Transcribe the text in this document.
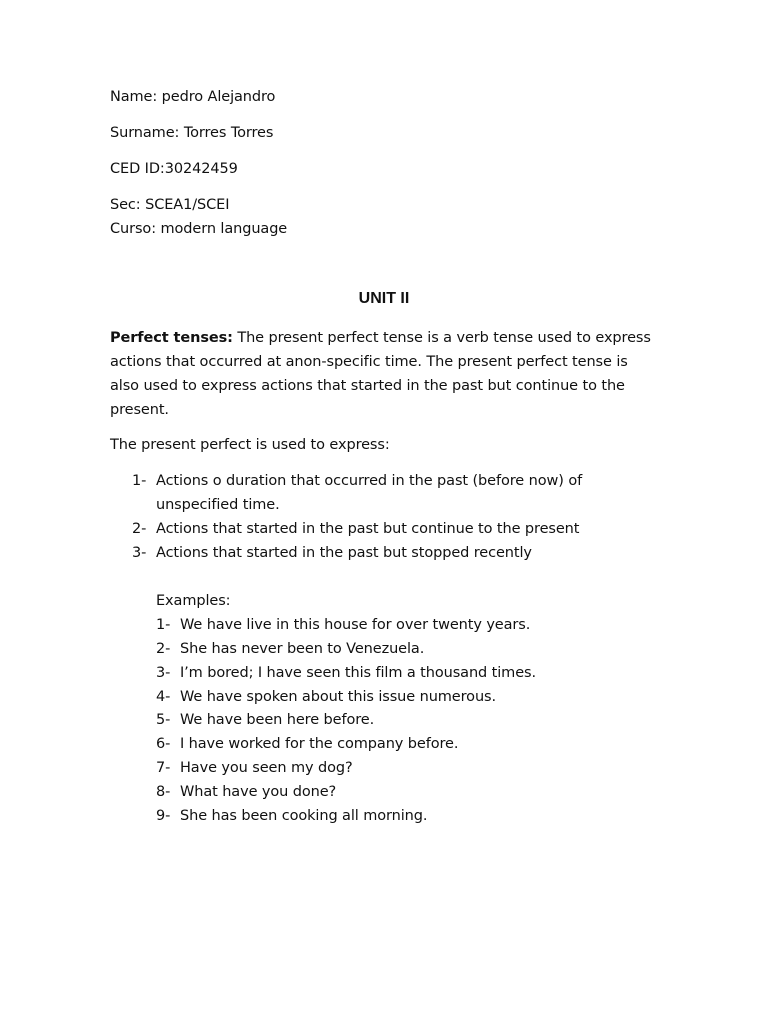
Name: pedro Alejandro
Surname: Torres Torres
CED ID:30242459
Sec: SCEA1/SCEI
Curso: modern language
UNIT II
Perfect tenses: The present perfect tense is a verb tense used to express actions that occurred at anon-specific time. The present perfect tense is also used to express actions that started in the past but continue to the present.
The present perfect is used to express:
1- Actions o duration that occurred in the past (before now) of
unspecified time.
2- Actions that started in the past but continue to the present
3- Actions that started in the past but stopped recently
Examples:
1- We have live in this house for over twenty years.
2- She has never been to Venezuela.
3- I’m bored; I have seen this film a thousand times.
4- We have spoken about this issue numerous.
5- We have been here before.
6- I have worked for the company before.
7- Have you seen my dog?
8- What have you done?
9- She has been cooking all morning.
